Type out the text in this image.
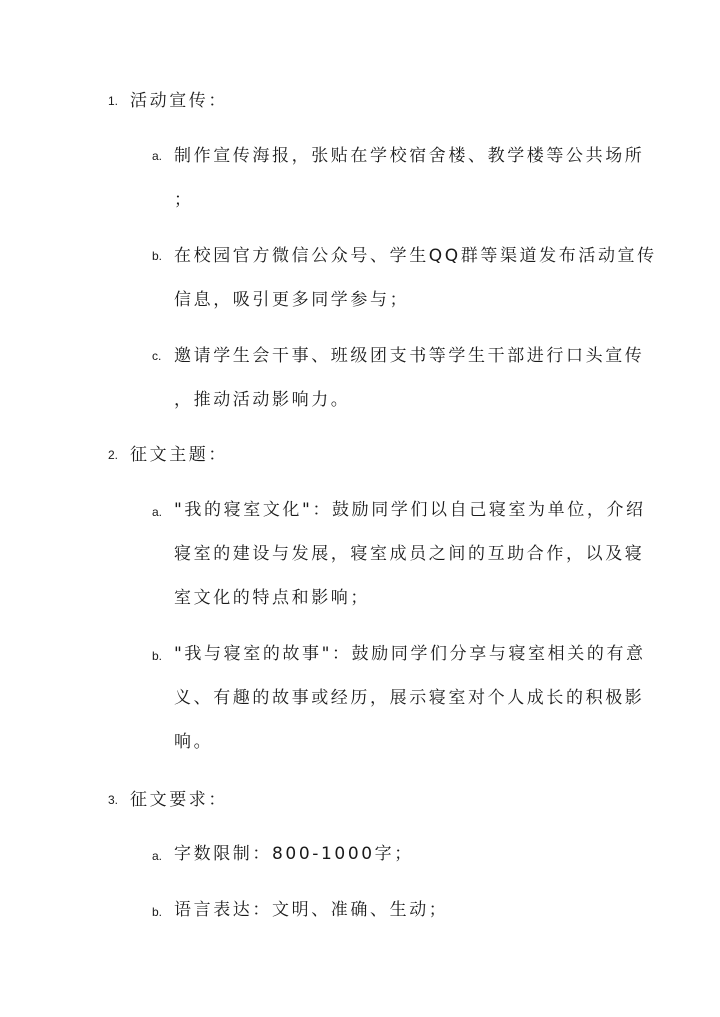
1. 活动宣传：
a. 制作宣传海报，张贴在学校宿舍楼、教学楼等公共场所
；
b. 在校园官方微信公众号、学生QQ群等渠道发布活动宣传
信息，吸引更多同学参与；
c. 邀请学生会干事、班级团支书等学生干部进行口头宣传
，推动活动影响力。
2. 征文主题：
a. "我的寝室文化"：鼓励同学们以自己寝室为单位，介绍
寝室的建设与发展，寝室成员之间的互助合作，以及寝
室文化的特点和影响；
b. "我与寝室的故事"：鼓励同学们分享与寝室相关的有意
义、有趣的故事或经历，展示寝室对个人成长的积极影
响。
3. 征文要求：
a. 字数限制：800-1000字；
b. 语言表达：文明、准确、生动；
